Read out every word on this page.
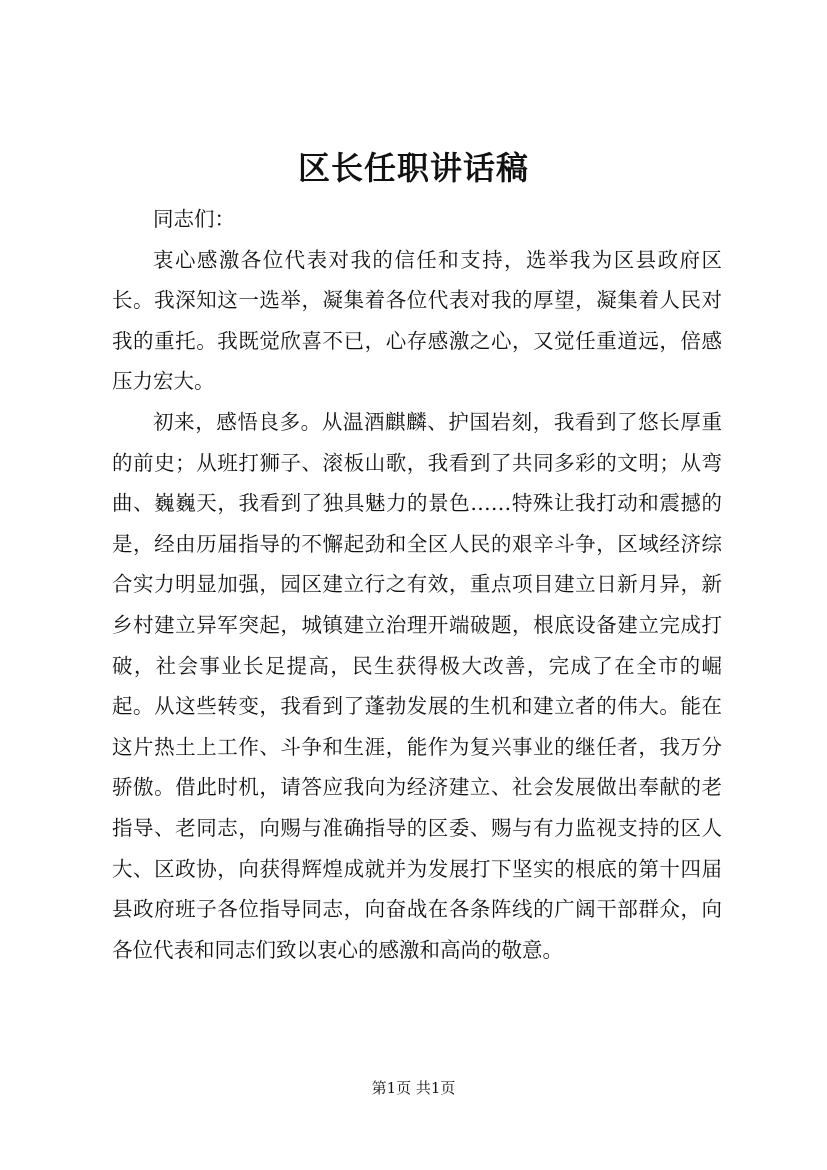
区长任职讲话稿

同志们：

衷心感激各位代表对我的信任和支持，选举我为区县政府区长。我深知这一选举，凝集着各位代表对我的厚望，凝集着人民对我的重托。我既觉欣喜不已，心存感激之心，又觉任重道远，倍感压力宏大。

初来，感悟良多。从温酒麒麟、护国岩刻，我看到了悠长厚重的前史；从班打狮子、滚板山歌，我看到了共同多彩的文明；从弯曲、巍巍天，我看到了独具魅力的景色……特殊让我打动和震撼的是，经由历届指导的不懈起劲和全区人民的艰辛斗争，区域经济综合实力明显加强，园区建立行之有效，重点项目建立日新月异，新乡村建立异军突起，城镇建立治理开端破题，根底设备建立完成打破，社会事业长足提高，民生获得极大改善，完成了在全市的崛起。从这些转变，我看到了蓬勃发展的生机和建立者的伟大。能在这片热土上工作、斗争和生涯，能作为复兴事业的继任者，我万分骄傲。借此时机，请答应我向为经济建立、社会发展做出奉献的老指导、老同志，向赐与准确指导的区委、赐与有力监视支持的区人大、区政协，向获得辉煌成就并为发展打下坚实的根底的第十四届县政府班子各位指导同志，向奋战在各条阵线的广阔干部群众，向各位代表和同志们致以衷心的感激和高尚的敬意。

第1页 共1页
